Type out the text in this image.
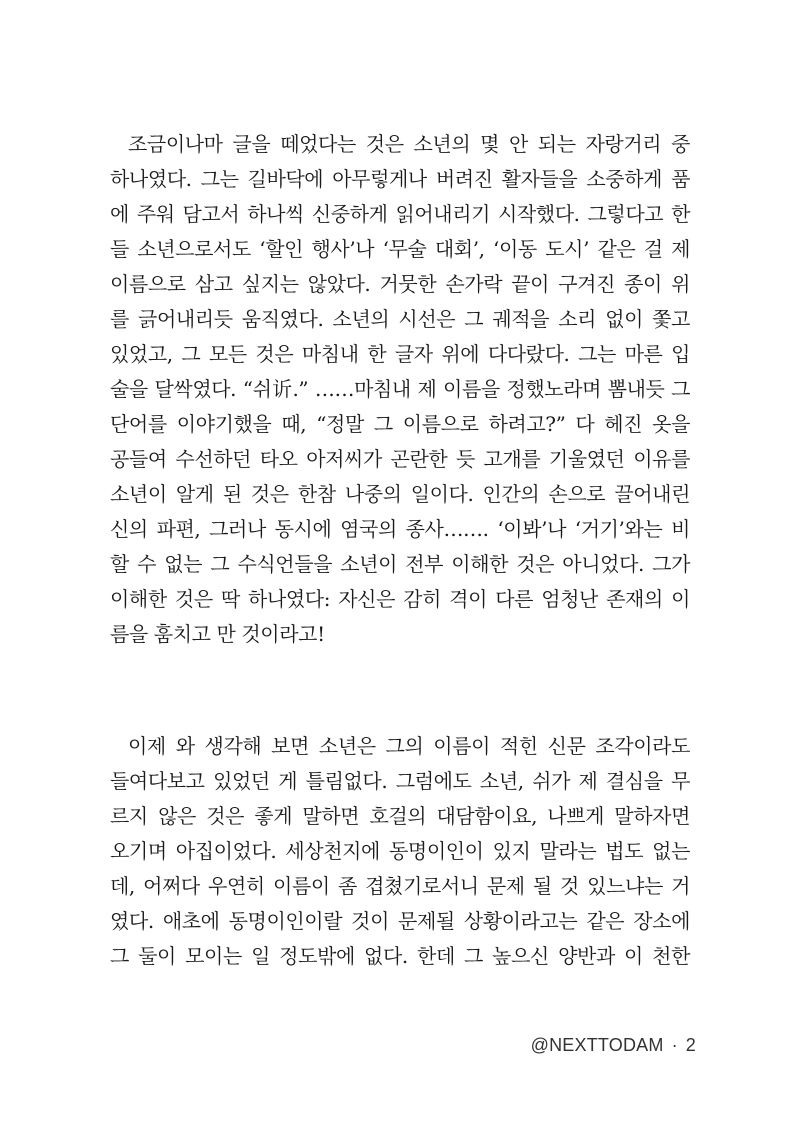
조금이나마 글을 떼었다는 것은 소년의 몇 안 되는 자랑거리 중
하나였다. 그는 길바닥에 아무렇게나 버려진 활자들을 소중하게 품
에 주워 담고서 하나씩 신중하게 읽어내리기 시작했다. 그렇다고 한
들 소년으로서도 ‘할인 행사’나 ‘무술 대회’, ‘이동 도시’ 같은 걸 제
이름으로 삼고 싶지는 않았다. 거뭇한 손가락 끝이 구겨진 종이 위
를 긁어내리듯 움직였다. 소년의 시선은 그 궤적을 소리 없이 쫓고
있었고, 그 모든 것은 마침내 한 글자 위에 다다랐다. 그는 마른 입
술을 달싹였다. “쉬䜣.” ……마침내 제 이름을 정했노라며 뽐내듯 그
단어를 이야기했을 때, “정말 그 이름으로 하려고?” 다 헤진 옷을
공들여 수선하던 타오 아저씨가 곤란한 듯 고개를 기울였던 이유를
소년이 알게 된 것은 한참 나중의 일이다. 인간의 손으로 끌어내린
신의 파편, 그러나 동시에 염국의 종사……. ‘이봐’나 ‘거기’와는 비
할 수 없는 그 수식언들을 소년이 전부 이해한 것은 아니었다. 그가
이해한 것은 딱 하나였다: 자신은 감히 격이 다른 엄청난 존재의 이
름을 훔치고 만 것이라고!
이제 와 생각해 보면 소년은 그의 이름이 적힌 신문 조각이라도
들여다보고 있었던 게 틀림없다. 그럼에도 소년, 쉬가 제 결심을 무
르지 않은 것은 좋게 말하면 호걸의 대담함이요, 나쁘게 말하자면
오기며 아집이었다. 세상천지에 동명이인이 있지 말라는 법도 없는
데, 어쩌다 우연히 이름이 좀 겹쳤기로서니 문제 될 것 있느냐는 거
였다. 애초에 동명이인이랄 것이 문제될 상황이라고는 같은 장소에
그 둘이 모이는 일 정도밖에 없다. 한데 그 높으신 양반과 이 천한
@NEXTTODAM · 2
